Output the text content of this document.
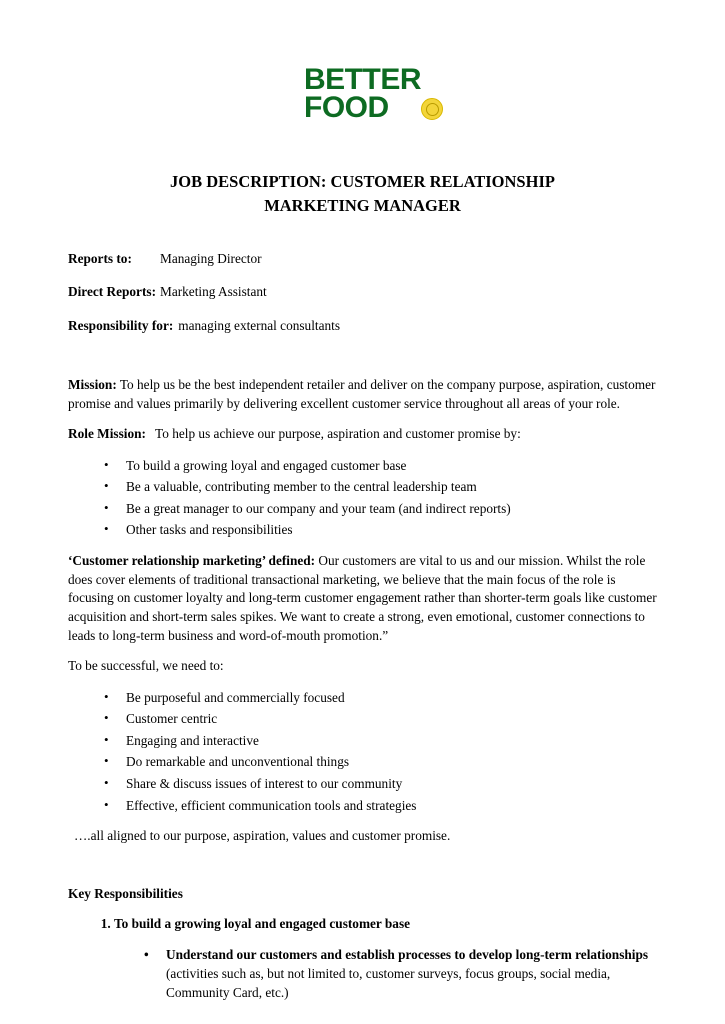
BETTER
FOOD
JOB DESCRIPTION: CUSTOMER RELATIONSHIP
MARKETING MANAGER
Reports to: Managing Director
Direct Reports: Marketing Assistant
Responsibility for: managing external consultants

Mission: To help us be the best independent retailer and deliver on the company purpose, aspiration, customer promise and values primarily by delivering excellent customer service throughout all areas of your role.

Role Mission: To help us achieve our purpose, aspiration and customer promise by:

• To build a growing loyal and engaged customer base
• Be a valuable, contributing member to the central leadership team
• Be a great manager to our company and your team (and indirect reports)
• Other tasks and responsibilities

‘Customer relationship marketing’ defined: Our customers are vital to us and our mission. Whilst the role does cover elements of traditional transactional marketing, we believe that the main focus of the role is focusing on customer loyalty and long-term customer engagement rather than shorter-term goals like customer acquisition and short-term sales spikes. We want to create a strong, even emotional, customer connections to leads to long-term business and word-of-mouth promotion.”

To be successful, we need to:

• Be purposeful and commercially focused
• Customer centric
• Engaging and interactive
• Do remarkable and unconventional things
• Share & discuss issues of interest to our community
• Effective, efficient communication tools and strategies

….all aligned to our purpose, aspiration, values and customer promise.

Key Responsibilities
1. To build a growing loyal and engaged customer base
• Understand our customers and establish processes to develop long-term relationships
(activities such as, but not limited to, customer surveys, focus groups, social media, Community Card, etc.)
